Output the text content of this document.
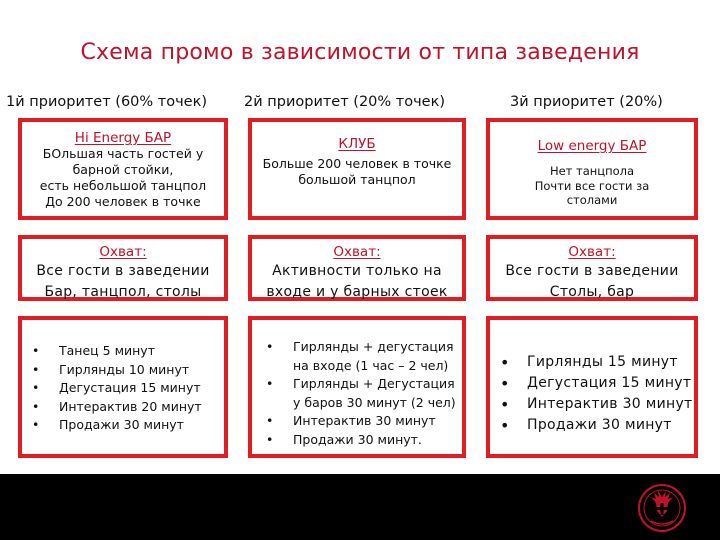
Схема промо в зависимости от типа заведения
1й приоритет (60% точек)	2й приоритет (20% точек)	3й приоритет (20%)
Hi Energy БАР
БОльшая часть гостей у
барной стойки,
есть небольшой танцпол
До 200 человек в точке
КЛУБ
Больше 200 человек в точке
большой танцпол
Low energy БАР
Нет танцпола
Почти все гости за
столами
Охват:
Все гости в заведении
Бар, танцпол, столы
Охват:
Активности только на
входе и у барных стоек
Охват:
Все гости в заведении
Столы, бар
• Танец 5 минут
• Гирлянды 10 минут
• Дегустация 15 минут
• Интерактив 20 минут
• Продажи 30 минут
• Гирлянды + дегустация
на входе (1 час – 2 чел)
• Гирлянды + Дегустация
у баров 30 минут (2 чел)
• Интерактив 30 минут
• Продажи 30 минут.
• Гирлянды 15 минут
• Дегустация 15 минут
• Интерактив 30 минут
• Продажи 30 минут
